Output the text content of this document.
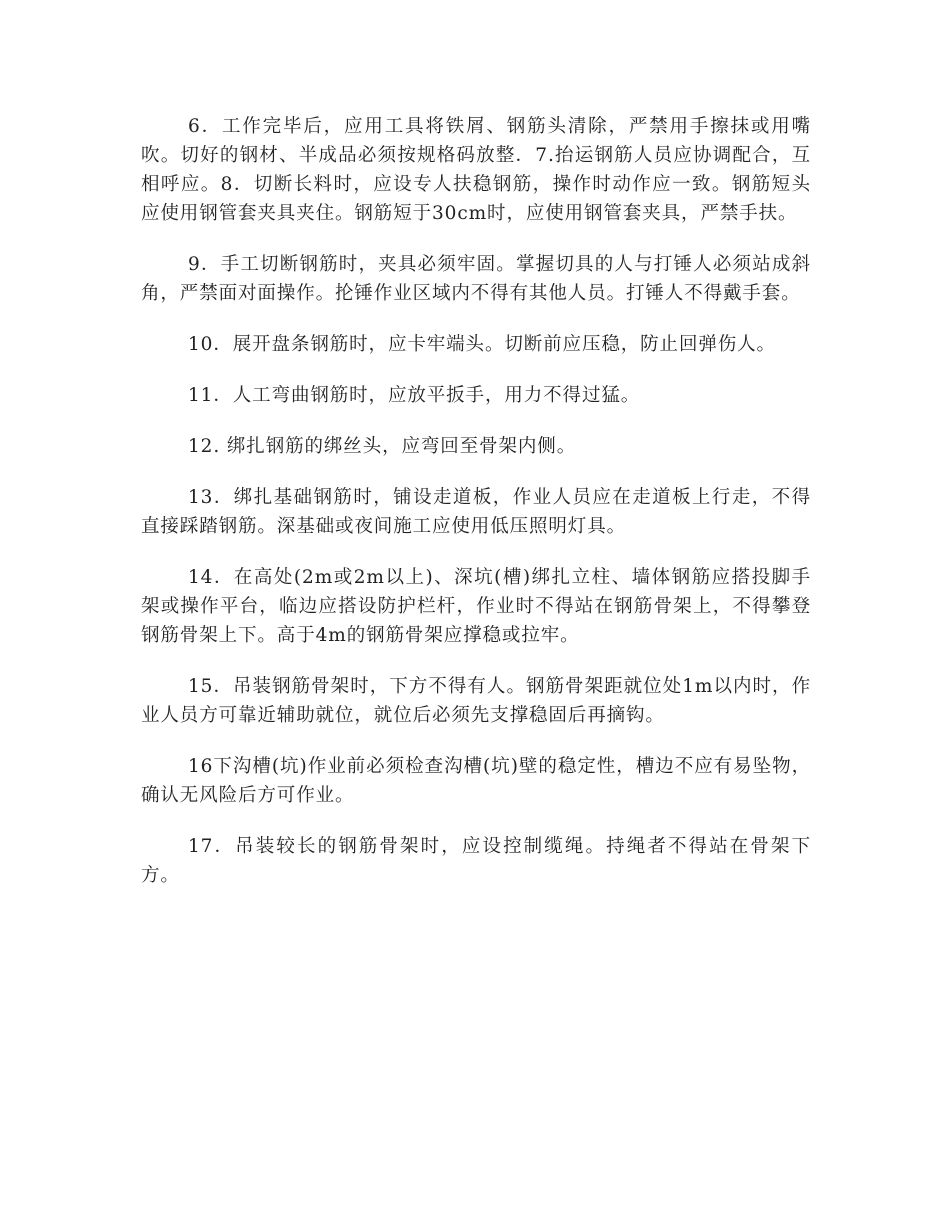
6．工作完毕后，应用工具将铁屑、钢筋头清除，严禁用手擦抹或用嘴吹。切好的钢材、半成品必须按规格码放整．7.抬运钢筋人员应协调配合，互相呼应。8．切断长料时，应设专人扶稳钢筋，操作时动作应一致。钢筋短头应使用钢管套夹具夹住。钢筋短于30cm时，应使用钢管套夹具，严禁手扶。

9．手工切断钢筋时，夹具必须牢固。掌握切具的人与打锤人必须站成斜角，严禁面对面操作。抡锤作业区域内不得有其他人员。打锤人不得戴手套。

10．展开盘条钢筋时，应卡牢端头。切断前应压稳，防止回弹伤人。

11．人工弯曲钢筋时，应放平扳手，用力不得过猛。

12. 绑扎钢筋的绑丝头，应弯回至骨架内侧。

13．绑扎基础钢筋时，铺设走道板，作业人员应在走道板上行走，不得直接踩踏钢筋。深基础或夜间施工应使用低压照明灯具。

14．在高处(2m或2m以上)、深坑(槽)绑扎立柱、墙体钢筋应搭投脚手架或操作平台，临边应搭设防护栏杆，作业时不得站在钢筋骨架上，不得攀登钢筋骨架上下。高于4m的钢筋骨架应撑稳或拉牢。

15．吊装钢筋骨架时，下方不得有人。钢筋骨架距就位处1m以内时，作业人员方可靠近辅助就位，就位后必须先支撑稳固后再摘钩。

16下沟槽(坑)作业前必须检查沟槽(坑)壁的稳定性，槽边不应有易坠物，确认无风险后方可作业。

17．吊装较长的钢筋骨架时，应设控制缆绳。持绳者不得站在骨架下方。
